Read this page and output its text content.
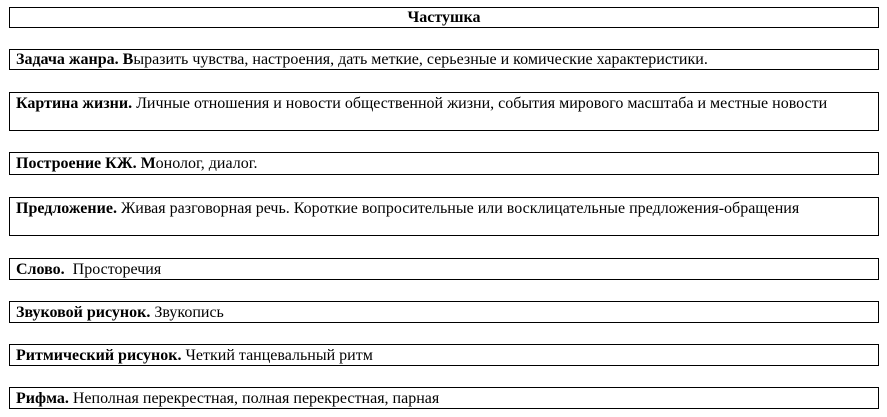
Частушка
Задача жанра. Выразить чувства, настроения, дать меткие, серьезные и комические характеристики.
Картина жизни. Личные отношения и новости общественной жизни, события мирового масштаба и местные новости
Построение КЖ. Монолог, диалог.
Предложение. Живая разговорная речь. Короткие вопросительные или восклицательные предложения-обращения
Слово.  Просторечия
Звуковой рисунок. Звукопись
Ритмический рисунок. Четкий танцевальный ритм
Рифма. Неполная перекрестная, полная перекрестная, парная
